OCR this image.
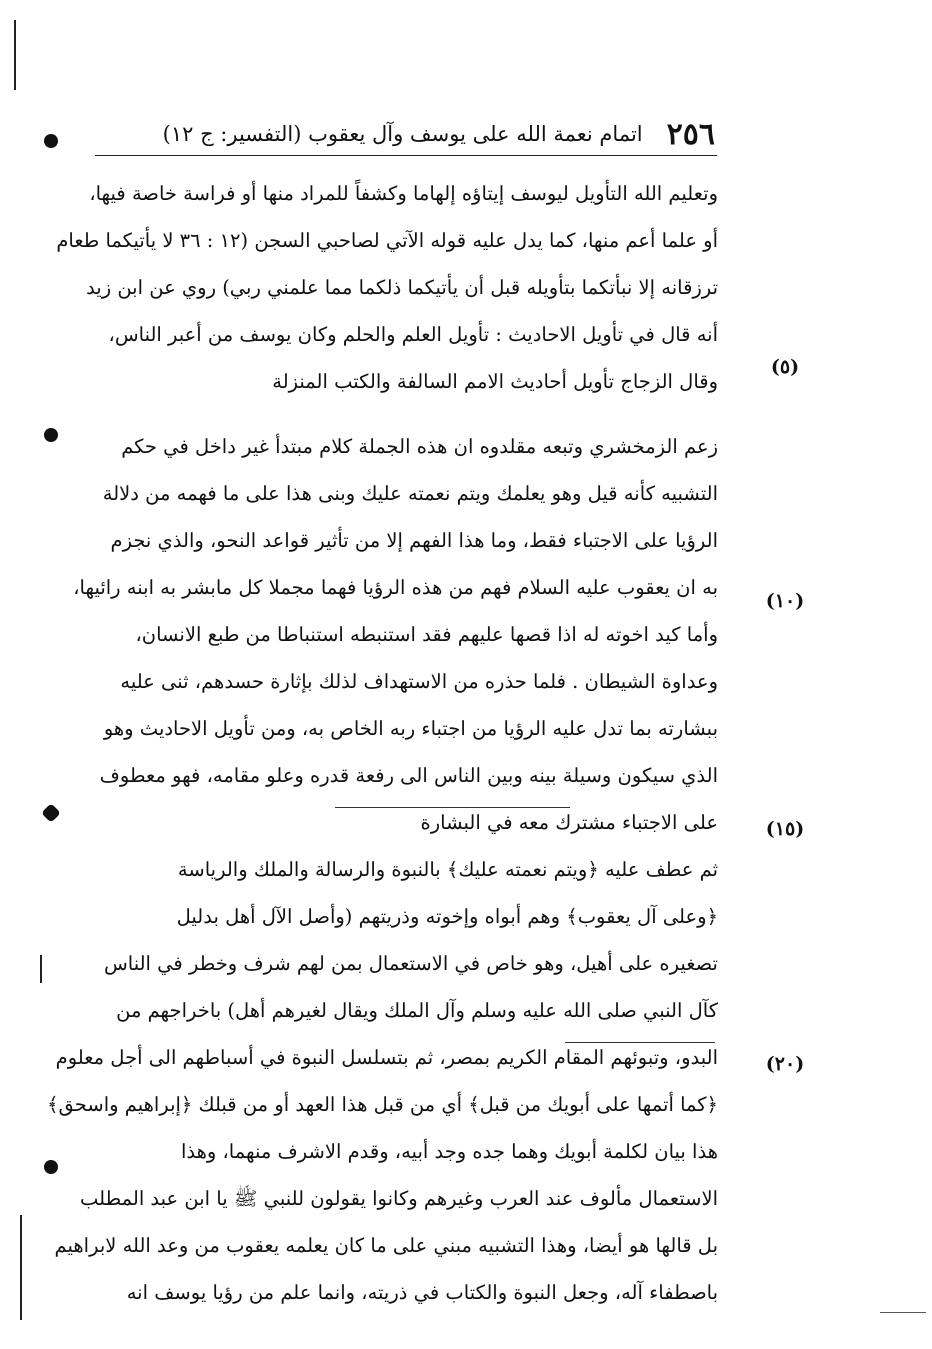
٢٥٦
اتمام نعمة الله على يوسف وآل يعقوب (التفسير: ج ١٢)
وتعليم الله التأويل ليوسف إيتاؤه إلهاما وكشفاً للمراد منها أو فراسة خاصة فيها،
أو علما أعم منها، كما يدل عليه قوله الآتي لصاحبي السجن (١٢ : ٣٦ لا يأتيكما طعام
ترزقانه إلا نبأتكما بتأويله قبل أن يأتيكما ذلكما مما علمني ربي) روي عن ابن زيد
أنه قال في تأويل الاحاديث : تأويل العلم والحلم وكان يوسف من أعبر الناس،
وقال الزجاج تأويل أحاديث الامم السالفة والكتب المنزلة
زعم الزمخشري وتبعه مقلدوه ان هذه الجملة كلام مبتدأ غير داخل في حكم
التشبيه كأنه قيل وهو يعلمك ويتم نعمته عليك وبنى هذا على ما فهمه من دلالة
الرؤيا على الاجتباء فقط، وما هذا الفهم إلا من تأثير قواعد النحو، والذي نجزم
به ان يعقوب عليه السلام فهم من هذه الرؤيا فهما مجملا كل مابشر به ابنه رائيها،
وأما كيد اخوته له اذا قصها عليهم فقد استنبطه استنباطا من طبع الانسان،
وعداوة الشيطان . فلما حذره من الاستهداف لذلك بإثارة حسدهم، ثنى عليه
ببشارته بما تدل عليه الرؤيا من اجتباء ربه الخاص به، ومن تأويل الاحاديث وهو
الذي سيكون وسيلة بينه وبين الناس الى رفعة قدره وعلو مقامه، فهو معطوف
على الاجتباء مشترك معه في البشارة
ثم عطف عليه ﴿ويتم نعمته عليك﴾ بالنبوة والرسالة والملك والرياسة
﴿وعلى آل يعقوب﴾ وهم أبواه وإخوته وذريتهم (وأصل الآل أهل بدليل
تصغيره على أهيل، وهو خاص في الاستعمال بمن لهم شرف وخطر في الناس
كآل النبي صلى الله عليه وسلم وآل الملك ويقال لغيرهم أهل) باخراجهم من
البدو، وتبوئهم المقام الكريم بمصر، ثم بتسلسل النبوة في أسباطهم الى أجل معلوم
﴿كما أتمها على أبويك من قبل﴾ أي من قبل هذا العهد أو من قبلك ﴿إبراهيم واسحق﴾
هذا بيان لكلمة أبويك وهما جده وجد أبيه، وقدم الاشرف منهما، وهذا
الاستعمال مألوف عند العرب وغيرهم وكانوا يقولون للنبي ﷺ يا ابن عبد المطلب
بل قالها هو أيضا، وهذا التشبيه مبني على ما كان يعلمه يعقوب من وعد الله لابراهيم
باصطفاء آله، وجعل النبوة والكتاب في ذريته، وانما علم من رؤيا يوسف انه
(٥)
(١٠)
(١٥)
(٢٠)
